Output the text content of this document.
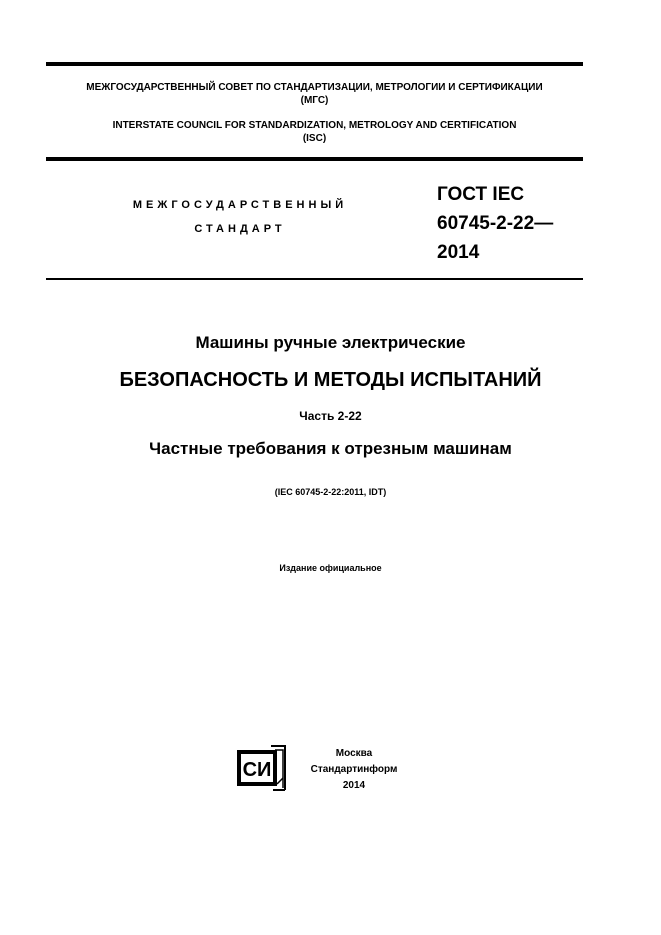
МЕЖГОСУДАРСТВЕННЫЙ СОВЕТ ПО СТАНДАРТИЗАЦИИ, МЕТРОЛОГИИ И СЕРТИФИКАЦИИ
(МГС)
INTERSTATE COUNCIL FOR STANDARDIZATION, METROLOGY AND CERTIFICATION
(ISC)
МЕЖГОСУДАРСТВЕННЫЙ
СТАНДАРТ
ГОСТ IEC
60745-2-22—
2014
Машины ручные электрические
БЕЗОПАСНОСТЬ И МЕТОДЫ ИСПЫТАНИЙ
Часть 2-22
Частные требования к отрезным машинам
(IEC 60745-2-22:2011, IDT)
Издание официальное
СИ
Москва
Стандартинформ
2014
